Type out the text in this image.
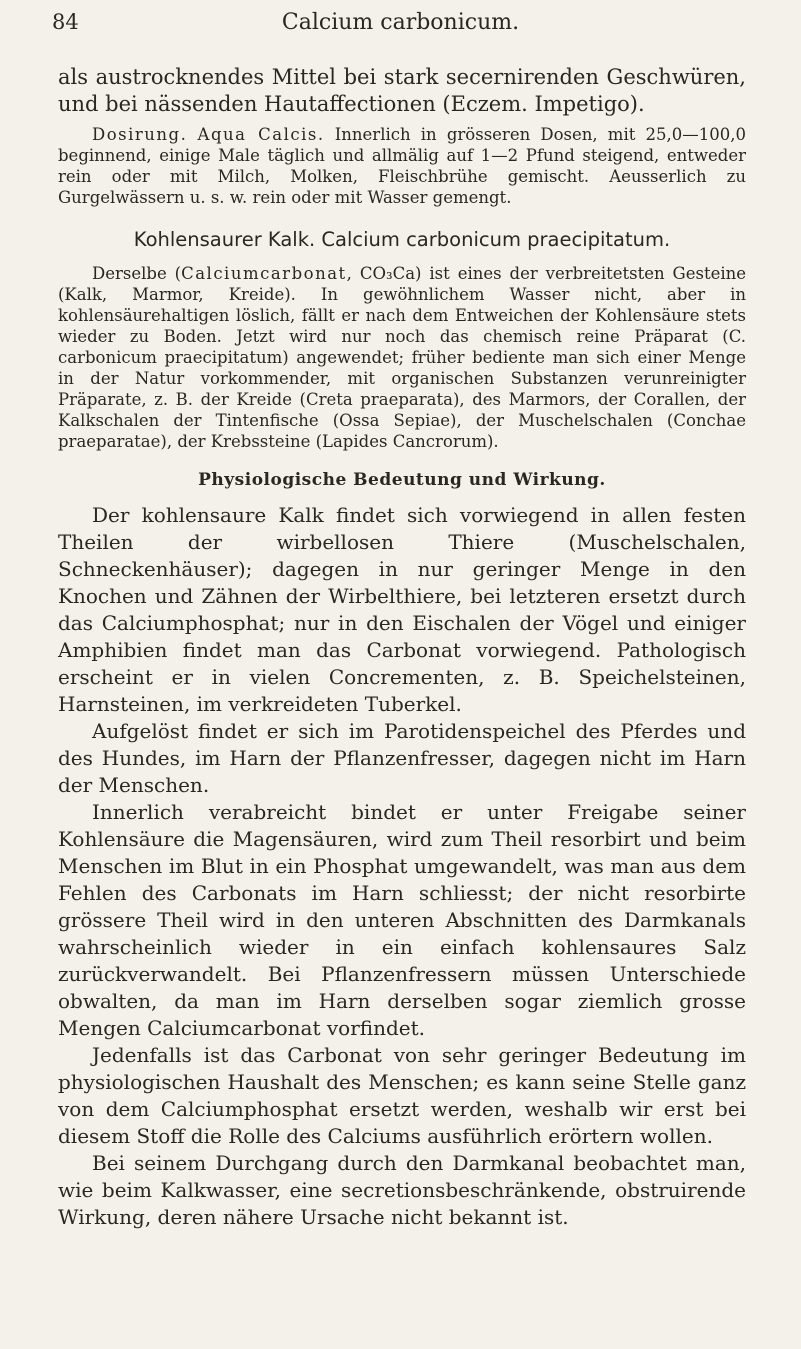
84	Calcium carbonicum.

als austrocknendes Mittel bei stark secernirenden Geschwüren, und bei nässenden Hautaffectionen (Eczem. Impetigo).

Dosirung. Aqua Calcis. Innerlich in grösseren Dosen, mit 25,0—100,0 beginnend, einige Male täglich und allmälig auf 1—2 Pfund steigend, entweder rein oder mit Milch, Molken, Fleischbrühe gemischt. Aeusserlich zu Gurgelwässern u. s. w. rein oder mit Wasser gemengt.

Kohlensaurer Kalk. Calcium carbonicum praecipitatum.

Derselbe (Calciumcarbonat, CO₃Ca) ist eines der verbreitetsten Gesteine (Kalk, Marmor, Kreide). In gewöhnlichem Wasser nicht, aber in kohlensäurehaltigen löslich, fällt er nach dem Entweichen der Kohlensäure stets wieder zu Boden. Jetzt wird nur noch das chemisch reine Präparat (C. carbonicum praecipitatum) angewendet; früher bediente man sich einer Menge in der Natur vorkommender, mit organischen Substanzen verunreinigter Präparate, z. B. der Kreide (Creta praeparata), des Marmors, der Corallen, der Kalkschalen der Tintenfische (Ossa Sepiae), der Muschelschalen (Conchae praeparatae), der Krebssteine (Lapides Cancrorum).

Physiologische Bedeutung und Wirkung.

Der kohlensaure Kalk findet sich vorwiegend in allen festen Theilen der wirbellosen Thiere (Muschelschalen, Schneckenhäuser); dagegen in nur geringer Menge in den Knochen und Zähnen der Wirbelthiere, bei letzteren ersetzt durch das Calciumphosphat; nur in den Eischalen der Vögel und einiger Amphibien findet man das Carbonat vorwiegend. Pathologisch erscheint er in vielen Concrementen, z. B. Speichelsteinen, Harnsteinen, im verkreideten Tuberkel.

Aufgelöst findet er sich im Parotidenspeichel des Pferdes und des Hundes, im Harn der Pflanzenfresser, dagegen nicht im Harn der Menschen.

Innerlich verabreicht bindet er unter Freigabe seiner Kohlensäure die Magensäuren, wird zum Theil resorbirt und beim Menschen im Blut in ein Phosphat umgewandelt, was man aus dem Fehlen des Carbonats im Harn schliesst; der nicht resorbirte grössere Theil wird in den unteren Abschnitten des Darmkanals wahrscheinlich wieder in ein einfach kohlensaures Salz zurückverwandelt. Bei Pflanzenfressern müssen Unterschiede obwalten, da man im Harn derselben sogar ziemlich grosse Mengen Calciumcarbonat vorfindet.

Jedenfalls ist das Carbonat von sehr geringer Bedeutung im physiologischen Haushalt des Menschen; es kann seine Stelle ganz von dem Calciumphosphat ersetzt werden, weshalb wir erst bei diesem Stoff die Rolle des Calciums ausführlich erörtern wollen.

Bei seinem Durchgang durch den Darmkanal beobachtet man, wie beim Kalkwasser, eine secretionsbeschränkende, obstruirende Wirkung, deren nähere Ursache nicht bekannt ist.
